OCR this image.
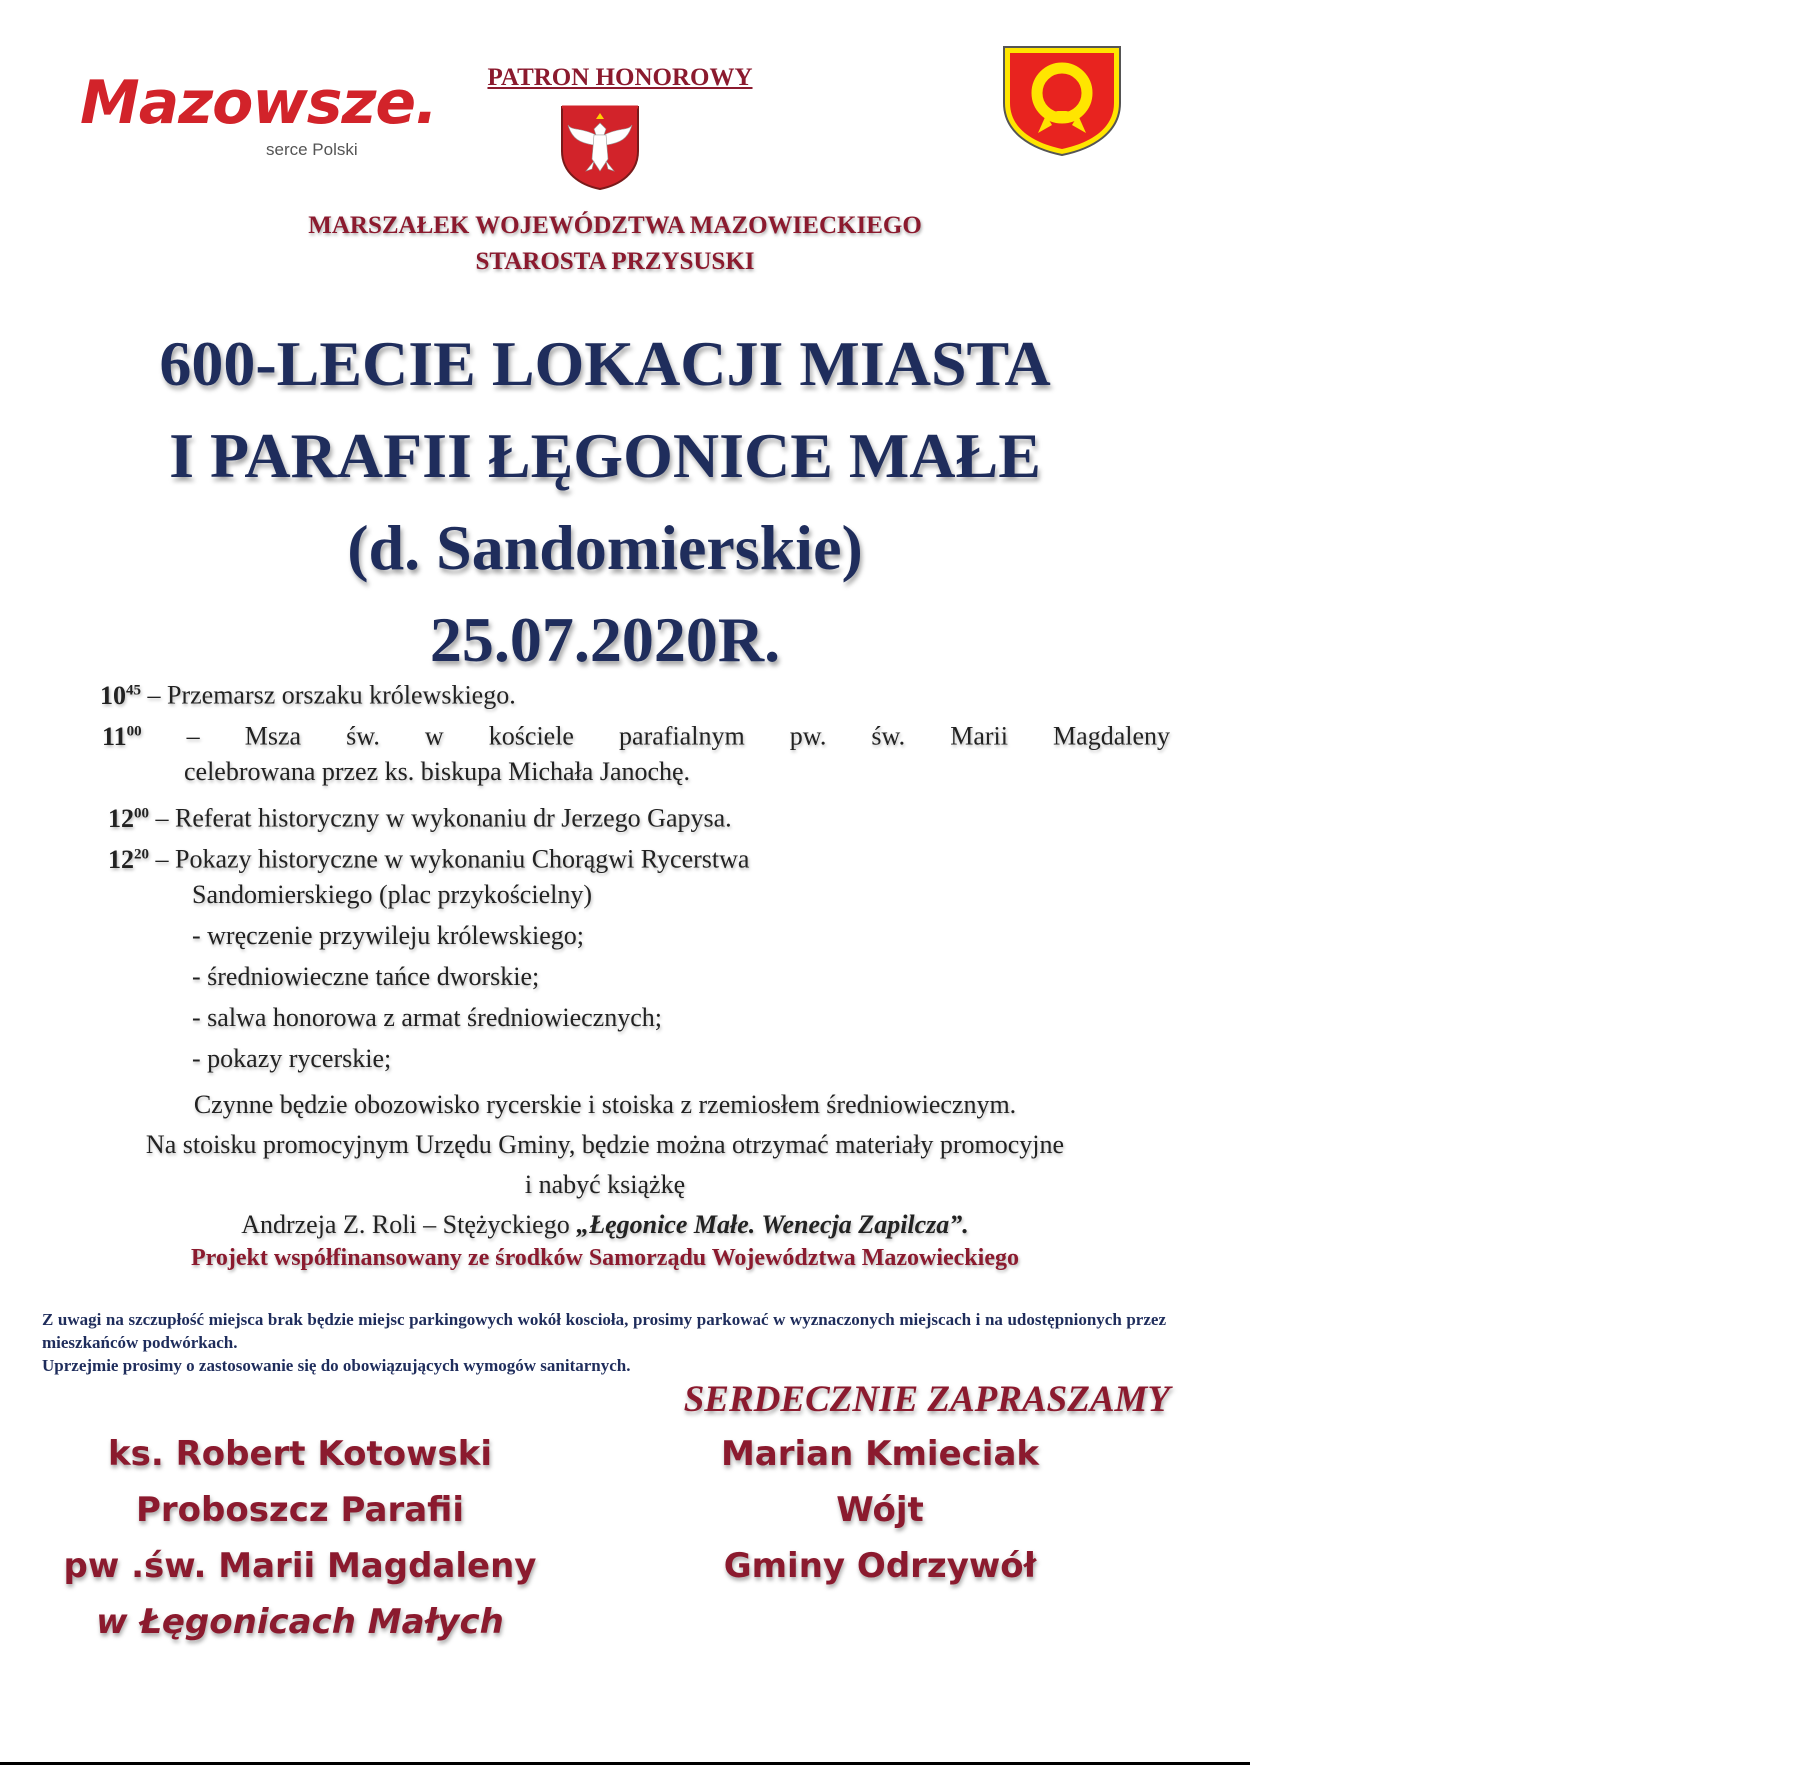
Mazowsze.
serce Polski
PATRON HONOROWY
MARSZAŁEK WOJEWÓDZTWA MAZOWIECKIEGO
STAROSTA PRZYSUSKI
600-LECIE LOKACJI MIASTA
I PARAFII ŁĘGONICE MAŁE
(d. Sandomierskie)
25.07.2020R.
$10^{45}$ – Przemarsz orszaku królewskiego.
$11^{00}$ – Msza św. w kościele parafialnym pw. św. Marii Magdaleny
celebrowana przez ks. biskupa Michała Janochę.
$12^{00}$ – Referat historyczny w wykonaniu dr Jerzego Gapysa.
$12^{20}$ – Pokazy historyczne w wykonaniu Chorągwi Rycerstwa
Sandomierskiego (plac przykościelny)
- wręczenie przywileju królewskiego;
- średniowieczne tańce dworskie;
- salwa honorowa z armat średniowiecznych;
- pokazy rycerskie;
Czynne będzie obozowisko rycerskie i stoiska z rzemiosłem średniowiecznym.
Na stoisku promocyjnym Urzędu Gminy, będzie można otrzymać materiały promocyjne
i nabyć książkę
Andrzeja Z. Roli – Stężyckiego „Łęgonice Małe. Wenecja Zapilcza”.
Projekt współfinansowany ze środków Samorządu Województwa Mazowieckiego
Z uwagi na szczupłość miejsca brak będzie miejsc parkingowych wokół koscioła, prosimy parkować w wyznaczonych miejscach i na udostępnionych przez mieszkańców podwórkach.
Uprzejmie prosimy o zastosowanie się do obowiązujących wymogów sanitarnych.
SERDECZNIE ZAPRASZAMY
ks. Robert Kotowski
Proboszcz Parafii
pw .św. Marii Magdaleny
w Łęgonicach Małych
Marian Kmieciak
Wójt
Gminy Odrzywół
